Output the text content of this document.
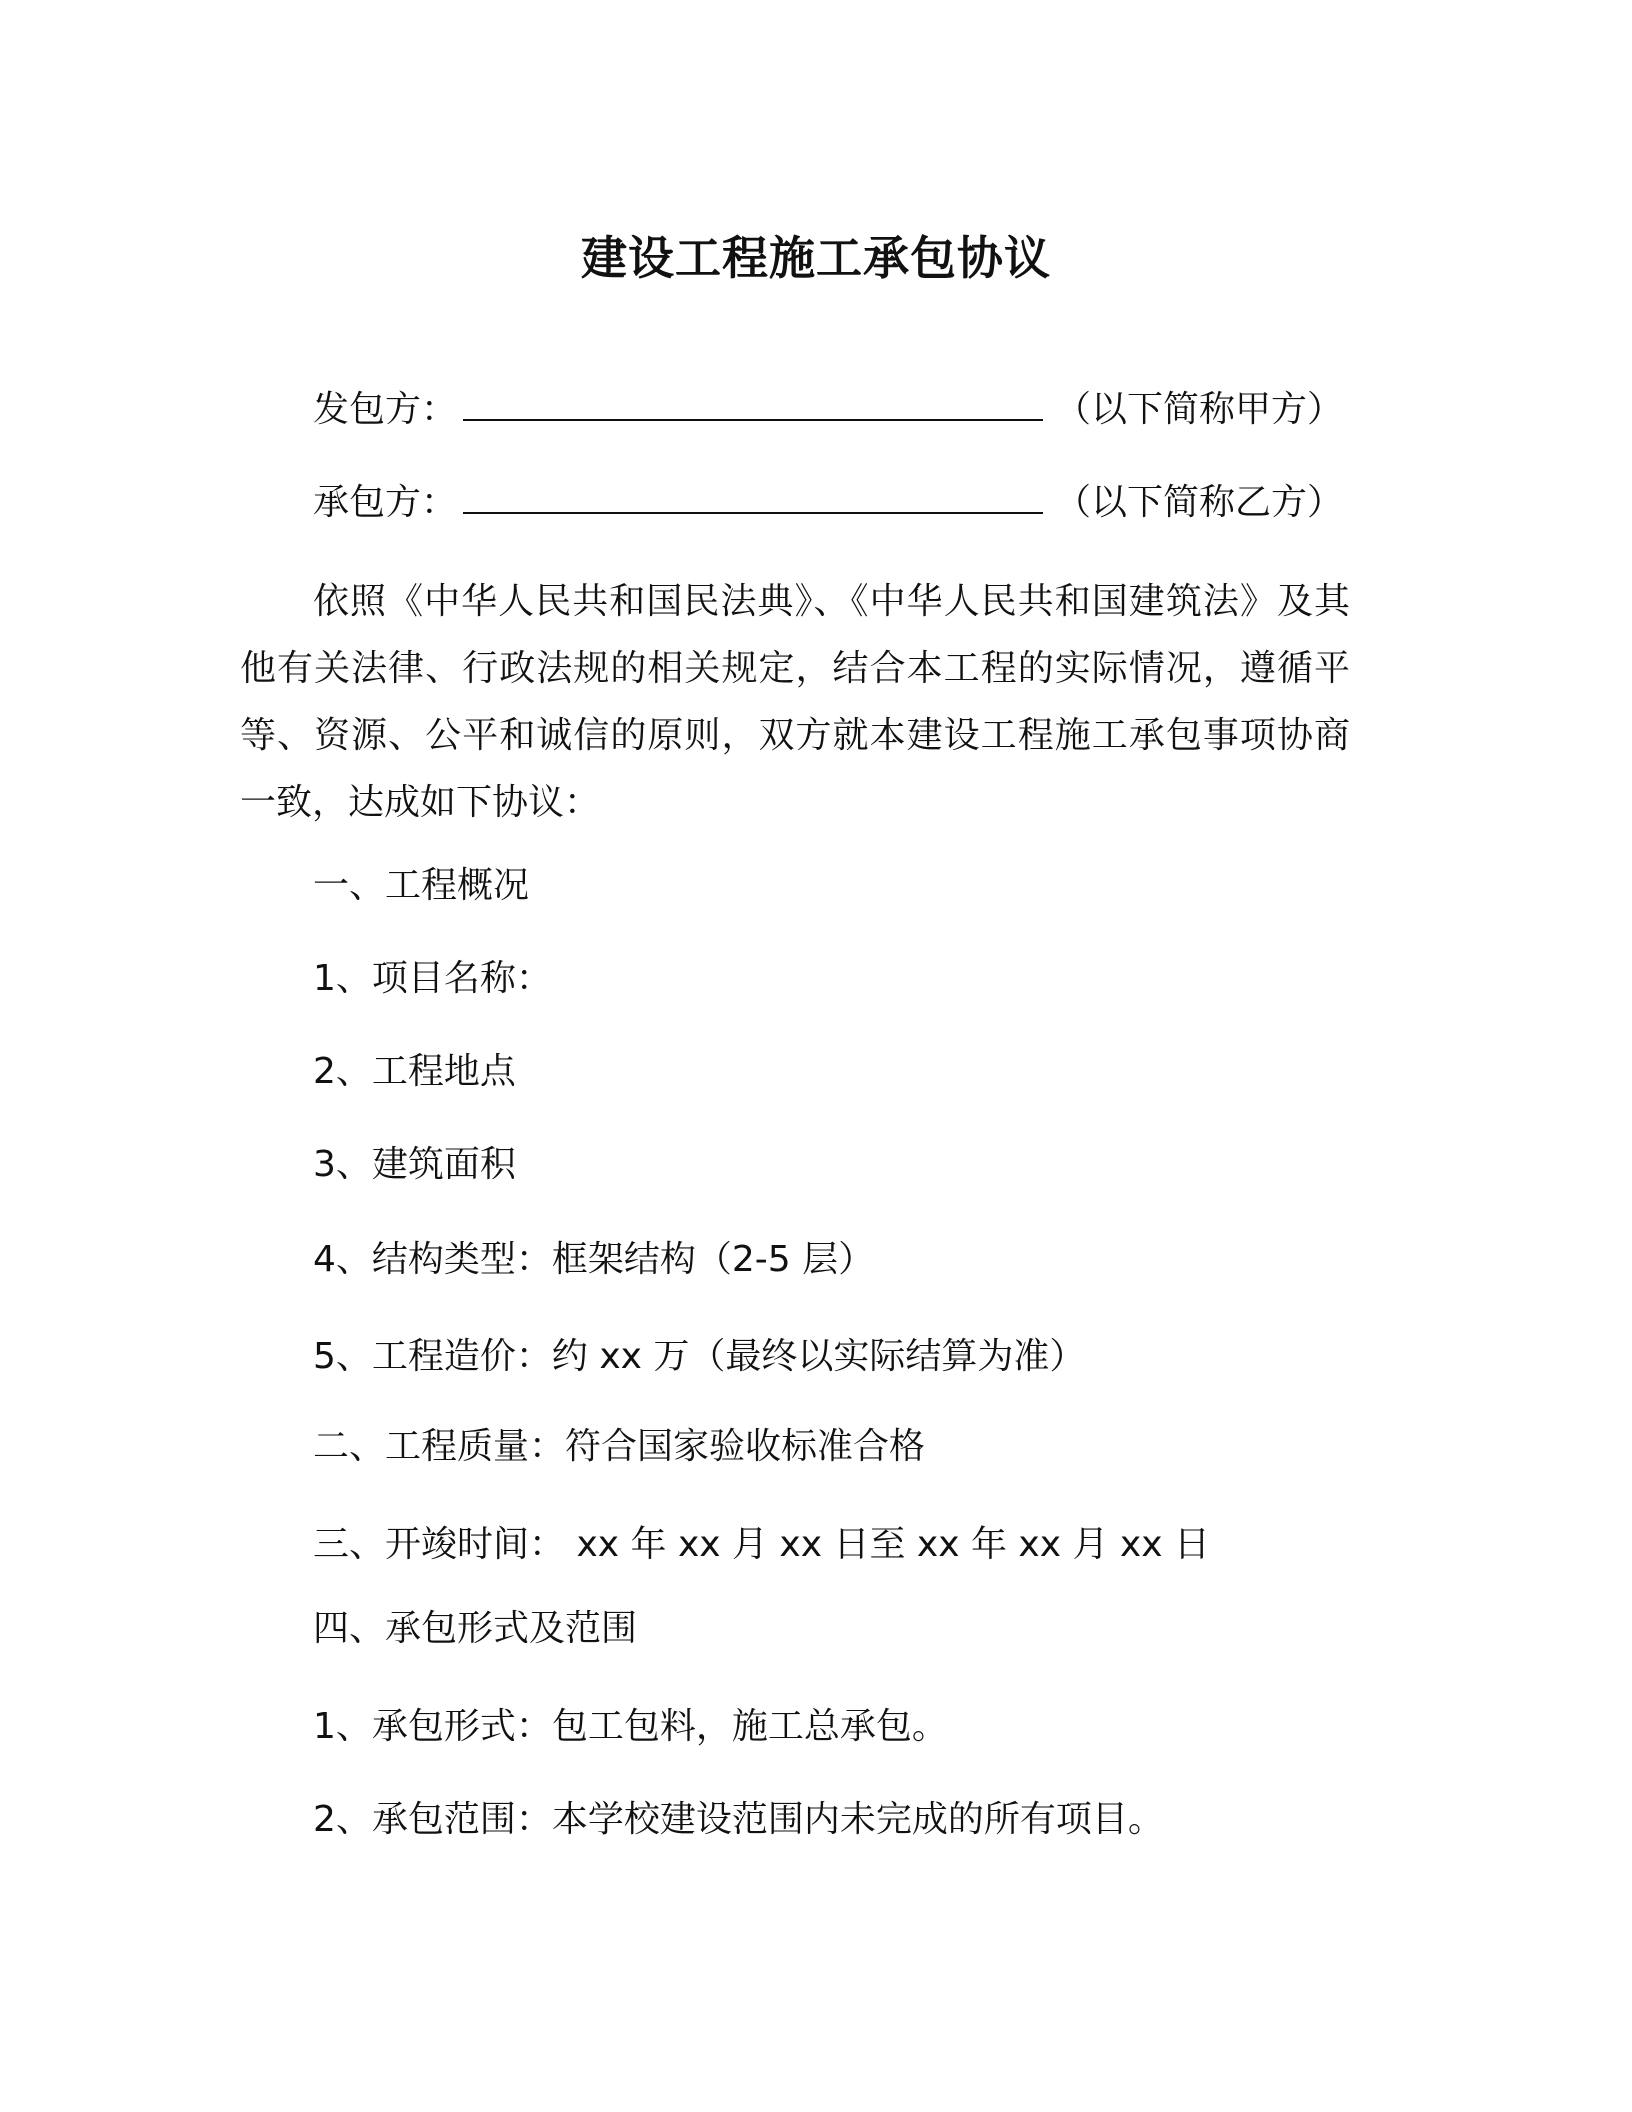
建设工程施工承包协议
发包方：	（以下简称甲方）
承包方：	（以下简称乙方）
依照《中华人民共和国民法典》、《中华人民共和国建筑法》及其他有关法律、行政法规的相关规定，结合本工程的实际情况，遵循平等、资源、公平和诚信的原则，双方就本建设工程施工承包事项协商一致，达成如下协议：
一、工程概况
1、项目名称：
2、工程地点
3、建筑面积
4、结构类型：框架结构（2-5 层）
5、工程造价：约 xx 万（最终以实际结算为准）
二、工程质量：符合国家验收标准合格
三、开竣时间： xx 年 xx 月 xx 日至 xx 年 xx 月 xx 日
四、承包形式及范围
1、承包形式：包工包料，施工总承包。
2、承包范围：本学校建设范围内未完成的所有项目。
